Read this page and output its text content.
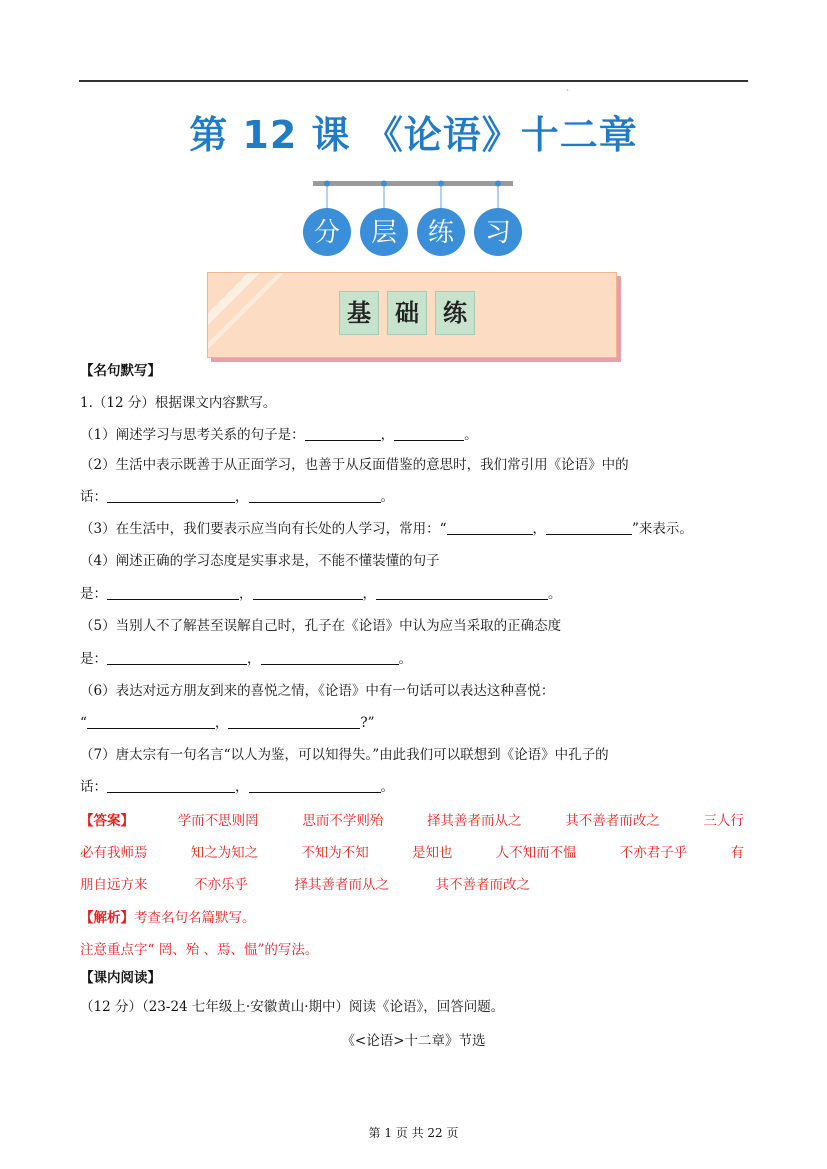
`
第 12 课 《论语》十二章
分 层 练 习
基	础	练
【名句默写】
1.（12 分）根据课文内容默写。
（1）阐述学习与思考关系的句子是：	，	。
（2）生活中表示既善于从正面学习，也善于从反面借鉴的意思时，我们常引用《论语》中的
话：	，	。
（3）在生活中，我们要表示应当向有长处的人学习，常用：“	，	”来表示。
（4）阐述正确的学习态度是实事求是，不能不懂装懂的句子
是：	，	，	。
（5）当别人不了解甚至误解自己时，孔子在《论语》中认为应当采取的正确态度
是：	，	。
（6）表达对远方朋友到来的喜悦之情，《论语》中有一句话可以表达这种喜悦：
“	，	?”
（7）唐太宗有一句名言“以人为鉴，可以知得失。”由此我们可以联想到《论语》中孔子的
话：	，	。
【答案】	学而不思则罔	思而不学则殆	择其善者而从之	其不善者而改之	三人行
必有我师焉	知之为知之	不知为不知	是知也	人不知而不愠	不亦君子乎	有
朋自远方来	不亦乐乎	择其善者而从之	其不善者而改之
【解析】考查名句名篇默写。
注意重点字“ 罔、殆 、焉、愠”的写法。
【课内阅读】
（12 分）（23-24 七年级上·安徽黄山·期中）阅读《论语》，回答问题。
《<论语>十二章》节选
第 1 页 共 22 页
